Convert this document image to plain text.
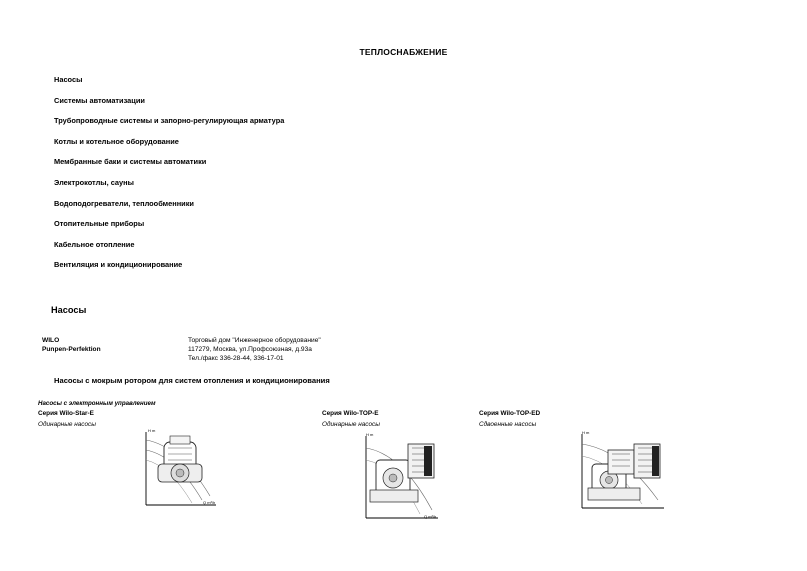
ТЕПЛОСНАБЖЕНИЕ
Насосы
Системы автоматизации
Трубопроводные системы и запорно-регулирующая арматура
Котлы и котельное оборудование
Мембранные баки и системы автоматики
Электрокотлы, сауны
Водоподогреватели, теплообменники
Отопительные приборы
Кабельное отопление
Вентиляция и кондиционирование
Насосы
WILO
Punpen-Perfektion
Торговый дом "Инженерное оборудование"
117279, Москва, ул.Профсоюзная, д.93а
Тел./факс 336-28-44, 336-17-01
Насосы с мокрым ротором для систем отопления и кондиционирования
Насосы с электронным управлением
Серия Wilo-Star-E
Одинарные насосы
Серия Wilo-TOP-E
Одинарные насосы
Серия Wilo-TOP-ED
Сдвоенные насосы
H m
Q m³/h
H m
Q m³/h
H m
